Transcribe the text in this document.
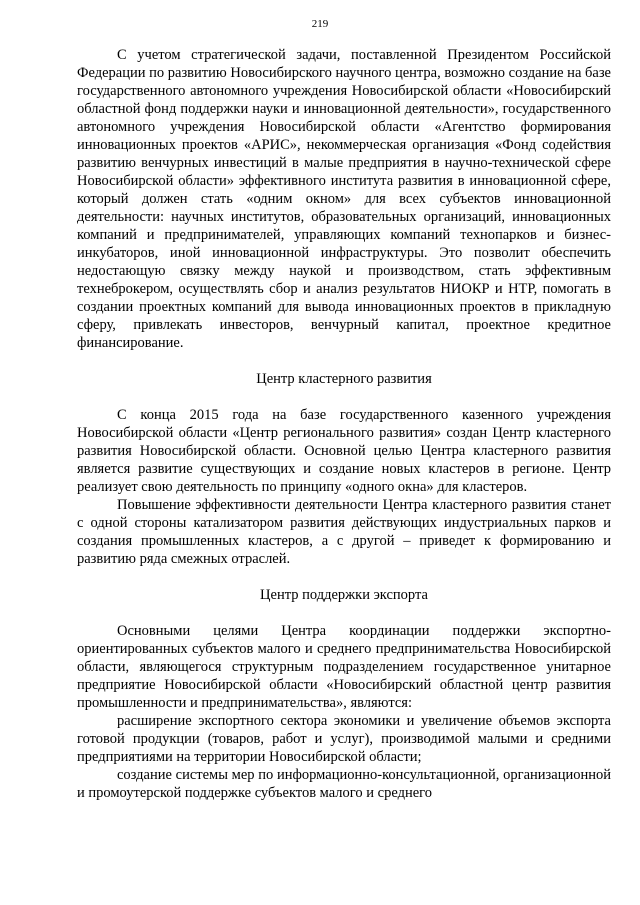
219

С учетом стратегической задачи, поставленной Президентом Российской Федерации по развитию Новосибирского научного центра, возможно создание на базе государственного автономного учреждения Новосибирской области «Новосибирский областной фонд поддержки науки и инновационной деятельности», государственного автономного учреждения Новосибирской области «Агентство формирования инновационных проектов «АРИС», некоммерческая организация «Фонд содействия развитию венчурных инвестиций в малые предприятия в научно-технической сфере Новосибирской области» эффективного института развития в инновационной сфере, который должен стать «одним окном» для всех субъектов инновационной деятельности: научных институтов, образовательных организаций, инновационных компаний и предпринимателей, управляющих компаний технопарков и бизнес-инкубаторов, иной инновационной инфраструктуры. Это позволит обеспечить недостающую связку между наукой и производством, стать эффективным технеброкером, осуществлять сбор и анализ результатов НИОКР и НТР, помогать в создании проектных компаний для вывода инновационных проектов в прикладную сферу, привлекать инвесторов, венчурный капитал, проектное кредитное финансирование.

Центр кластерного развития

С конца 2015 года на базе государственного казенного учреждения Новосибирской области «Центр регионального развития» создан Центр кластерного развития Новосибирской области. Основной целью Центра кластерного развития является развитие существующих и создание новых кластеров в регионе. Центр реализует свою деятельность по принципу «одного окна» для кластеров.

Повышение эффективности деятельности Центра кластерного развития станет с одной стороны катализатором развития действующих индустриальных парков и создания промышленных кластеров, а с другой – приведет к формированию и развитию ряда смежных отраслей.

Центр поддержки экспорта

Основными целями Центра координации поддержки экспортно-ориентированных субъектов малого и среднего предпринимательства Новосибирской области, являющегося структурным подразделением государственное унитарное предприятие Новосибирской области «Новосибирский областной центр развития промышленности и предпринимательства», являются:

расширение экспортного сектора экономики и увеличение объемов экспорта готовой продукции (товаров, работ и услуг), производимой малыми и средними предприятиями на территории Новосибирской области;

создание системы мер по информационно-консультационной, организационной и промоутерской поддержке субъектов малого и среднего
